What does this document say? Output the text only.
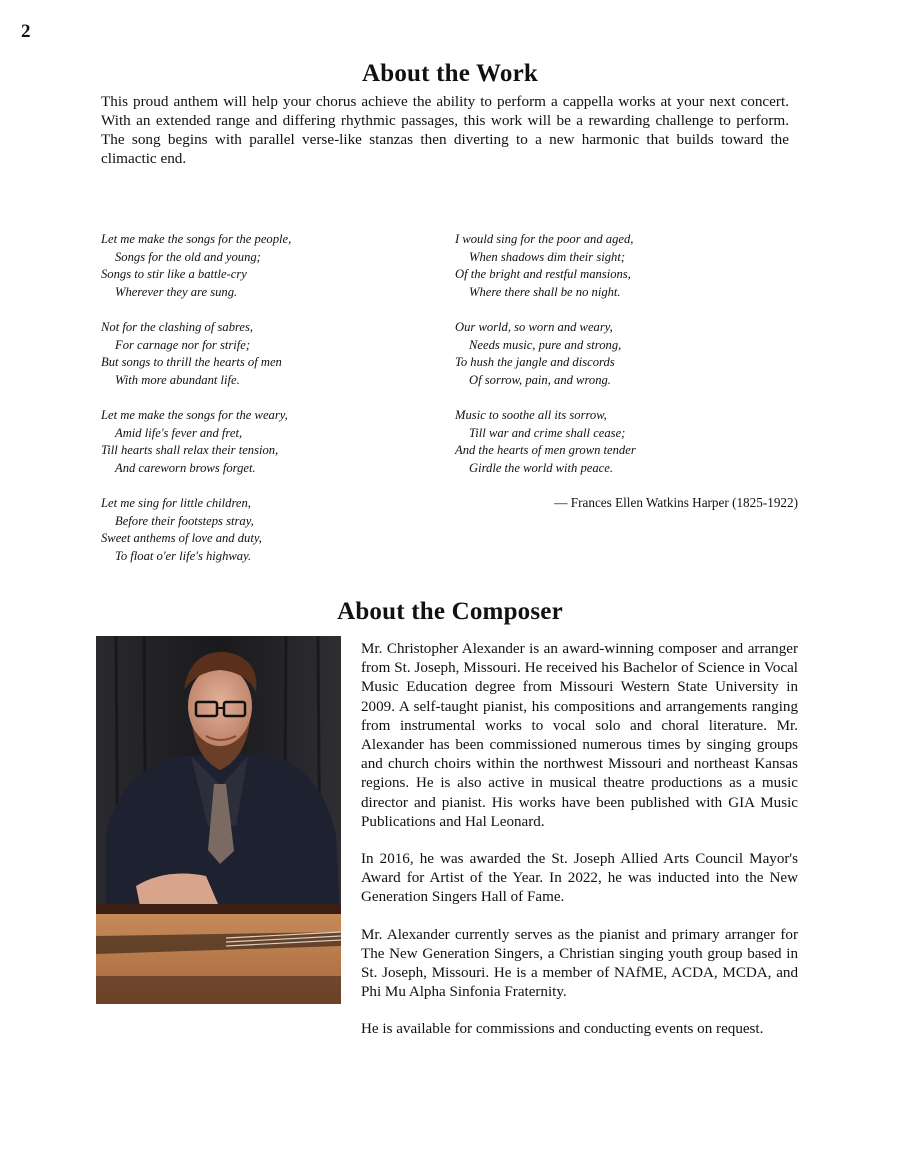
2
About the Work

This proud anthem will help your chorus achieve the ability to perform a cappella works at your next concert. With an extended range and differing rhythmic passages, this work will be a rewarding challenge to perform. The song begins with parallel verse-like stanzas then diverting to a new harmonic that builds toward the climactic end.

Let me make the songs for the people,
Songs for the old and young;
Songs to stir like a battle-cry
Wherever they are sung.
Not for the clashing of sabres,
For carnage nor for strife;
But songs to thrill the hearts of men
With more abundant life.
Let me make the songs for the weary,
Amid life's fever and fret,
Till hearts shall relax their tension,
And careworn brows forget.
Let me sing for little children,
Before their footsteps stray,
Sweet anthems of love and duty,
To float o'er life's highway.
I would sing for the poor and aged,
When shadows dim their sight;
Of the bright and restful mansions,
Where there shall be no night.
Our world, so worn and weary,
Needs music, pure and strong,
To hush the jangle and discords
Of sorrow, pain, and wrong.
Music to soothe all its sorrow,
Till war and crime shall cease;
And the hearts of men grown tender
Girdle the world with peace.
— Frances Ellen Watkins Harper (1825-1922)
About the Composer

Mr. Christopher Alexander is an award-winning composer and arranger from St. Joseph, Missouri. He received his Bachelor of Science in Vocal Music Education degree from Missouri Western State University in 2009. A self-taught pianist, his compositions and arrangements ranging from instrumental works to vocal solo and choral literature. Mr. Alexander has been commissioned numerous times by singing groups and church choirs within the northwest Missouri and northeast Kansas regions. He is also active in musical theatre productions as a music director and pianist. His works have been published with GIA Music Publications and Hal Leonard.

In 2016, he was awarded the St. Joseph Allied Arts Council Mayor's Award for Artist of the Year. In 2022, he was inducted into the New Generation Singers Hall of Fame.

Mr. Alexander currently serves as the pianist and primary arranger for The New Generation Singers, a Christian singing youth group based in St. Joseph, Missouri. He is a member of NAfME, ACDA, MCDA, and Phi Mu Alpha Sinfonia Fraternity.

He is available for commissions and conducting events on request.
